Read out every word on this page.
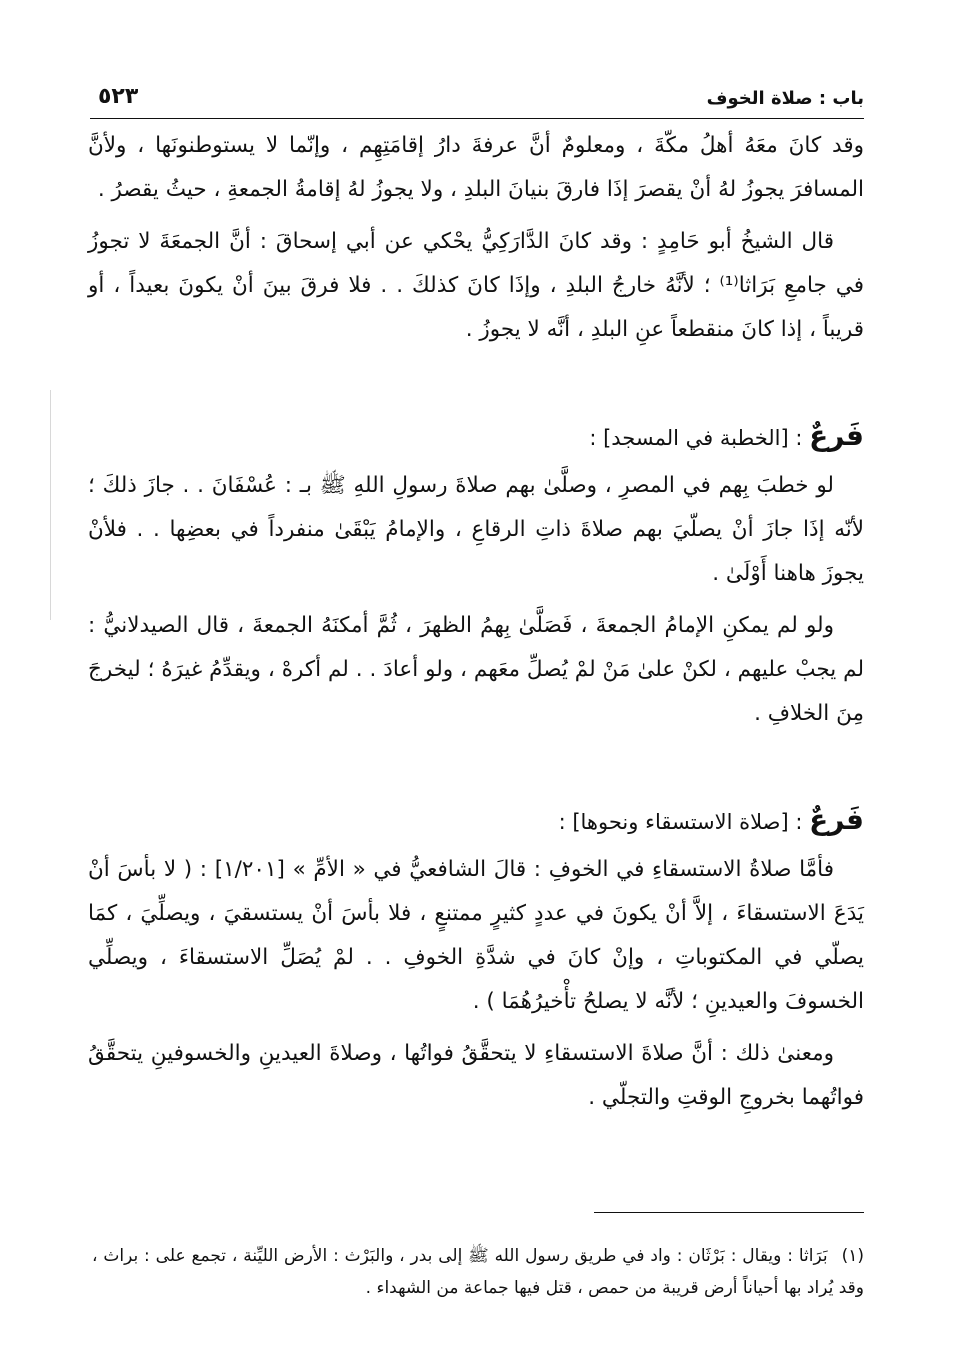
باب : صلاة الخوف
٥٢٣

وقد كانَ معَهُ أهلُ مكّةَ ، ومعلومٌ أنَّ عرفةَ دارُ إقامَتِهِم ، وإنّما لا يستوطنونَها ، ولأنَّ المسافرَ يجوزُ لهُ أنْ يقصرَ إذَا فارقَ بنيانَ البلدِ ، ولا يجوزُ لهُ إقامةُ الجمعةِ ، حيثُ يقصرُ .

قال الشيخُ أبو حَامِدٍ : وقد كانَ الدَّارَكِيُّ يحْكي عن أبي إسحاقَ : أنَّ الجمعَةَ لا تجوزُ في جامعِ بَرَاثا⁽¹⁾ ؛ لأنَّهُ خارجُ البلدِ ، وإذَا كانَ كذلكَ . . فلا فرقَ بينَ أنْ يكونَ بعيداً ، أو قريباً ، إذا كانَ منقطعاً عنِ البلدِ ، أنَّه لا يجوزُ .

فَرعٌ : [الخطبة في المسجد] :

لو خطبَ بِهم في المصرِ ، وصلَّىٰ بهم صلاةَ رسولِ اللهِ ﷺ بـ : عُسْفَانَ . . جازَ ذلكَ ؛ لأنّه إذَا جازَ أنْ يصلّيَ بهم صلاةَ ذاتِ الرقاعِ ، والإمامُ يَبْقَىٰ منفرداً في بعضِها . . فلأنْ يجوزَ هاهنا أَوْلَىٰ .

ولو لم يمكنِ الإمامُ الجمعةَ ، فَصَلَّىٰ بِهمُ الظهرَ ، ثُمَّ أمكنَهُ الجمعةَ ، قال الصيدلانيُّ : لم يجبْ عليهم ، لكنْ علىٰ مَنْ لمْ يُصلِّ معَهم ، ولو أعادَ . . لم أكرهْ ، ويقدِّمُ غيرَهُ ؛ ليخرجَ مِنَ الخلافِ .

فَرعٌ : [صلاة الاستسقاء ونحوها] :

فأمَّا صلاةُ الاستسقاءِ في الخوفِ : قالَ الشافعيُّ في « الأمِّ » [١/٢٠١] : ( لا بأسَ أنْ يَدَعَ الاستسقاءَ ، إلاَّ أنْ يكونَ في عددٍ كثيرٍ ممتنعٍ ، فلا بأسَ أنْ يستسقيَ ، ويصلِّيَ ، كمَا يصلّي في المكتوباتِ ، وإنْ كانَ في شدَّةِ الخوفِ . . لمْ يُصَلِّ الاستسقاءَ ، ويصلِّي الخسوفَ والعيدينِ ؛ لأنَّه لا يصلحُ تأْخيرُهُمَا ) .

ومعنىٰ ذلك : أنَّ صلاةَ الاستسقاءِ لا يتحقَّقُ فواتُها ، وصلاةَ العيدينِ والخسوفينِ يتحقَّقُ فواتُهما بخروجِ الوقتِ والتجلّي .

(١)بَرَاثا : ويقال : بَرْثَان : واد في طريق رسول الله ﷺ إلى بدر ، والبَرْث : الأرض الليِّنة ، تجمع على : براث ، وقد يُراد بها أحياناً أرض قريبة من حمص ، قتل فيها جماعة من الشهداء .
